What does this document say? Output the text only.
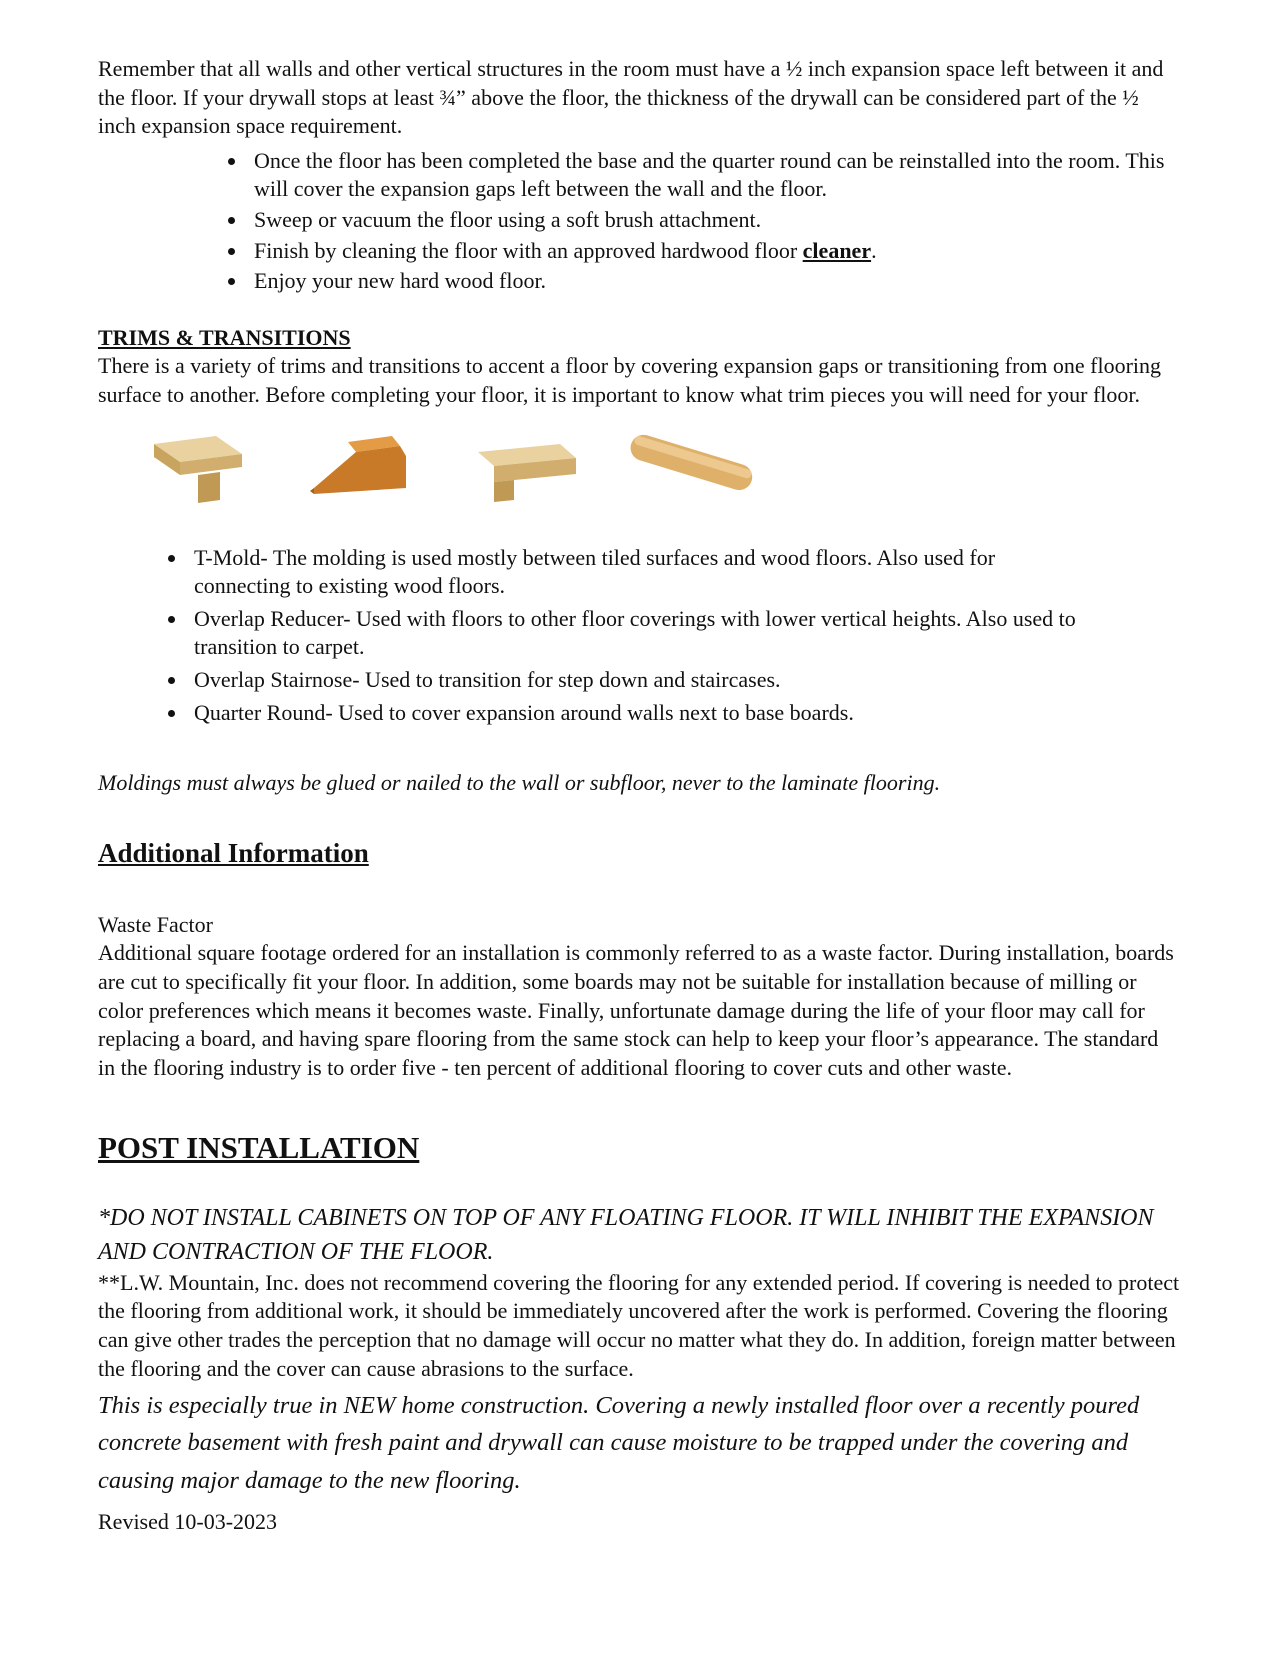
Remember that all walls and other vertical structures in the room must have a ½ inch expansion space left between it and the floor. If your drywall stops at least ¾” above the floor, the thickness of the drywall can be considered part of the ½ inch expansion space requirement.

• Once the floor has been completed the base and the quarter round can be reinstalled into the room. This will cover the expansion gaps left between the wall and the floor.
• Sweep or vacuum the floor using a soft brush attachment.
• Finish by cleaning the floor with an approved hardwood floor cleaner.
• Enjoy your new hard wood floor.
TRIMS & TRANSITIONS

There is a variety of trims and transitions to accent a floor by covering expansion gaps or transitioning from one flooring surface to another. Before completing your floor, it is important to know what trim pieces you will need for your floor.

• T-Mold- The molding is used mostly between tiled surfaces and wood floors. Also used for connecting to existing wood floors.
• Overlap Reducer- Used with floors to other floor coverings with lower vertical heights. Also used to transition to carpet.
• Overlap Stairnose- Used to transition for step down and staircases.
• Quarter Round- Used to cover expansion around walls next to base boards.

Moldings must always be glued or nailed to the wall or subfloor, never to the laminate flooring.

Additional Information

Waste Factor

Additional square footage ordered for an installation is commonly referred to as a waste factor. During installation, boards are cut to specifically fit your floor. In addition, some boards may not be suitable for installation because of milling or color preferences which means it becomes waste. Finally, unfortunate damage during the life of your floor may call for replacing a board, and having spare flooring from the same stock can help to keep your floor’s appearance. The standard in the flooring industry is to order five - ten percent of additional flooring to cover cuts and other waste.

POST INSTALLATION

*DO NOT INSTALL CABINETS ON TOP OF ANY FLOATING FLOOR. IT WILL INHIBIT THE EXPANSION AND CONTRACTION OF THE FLOOR.

**L.W. Mountain, Inc. does not recommend covering the flooring for any extended period. If covering is needed to protect the flooring from additional work, it should be immediately uncovered after the work is performed. Covering the flooring can give other trades the perception that no damage will occur no matter what they do. In addition, foreign matter between the flooring and the cover can cause abrasions to the surface.

This is especially true in NEW home construction. Covering a newly installed floor over a recently poured concrete basement with fresh paint and drywall can cause moisture to be trapped under the covering and causing major damage to the new flooring.

Revised 10-03-2023
